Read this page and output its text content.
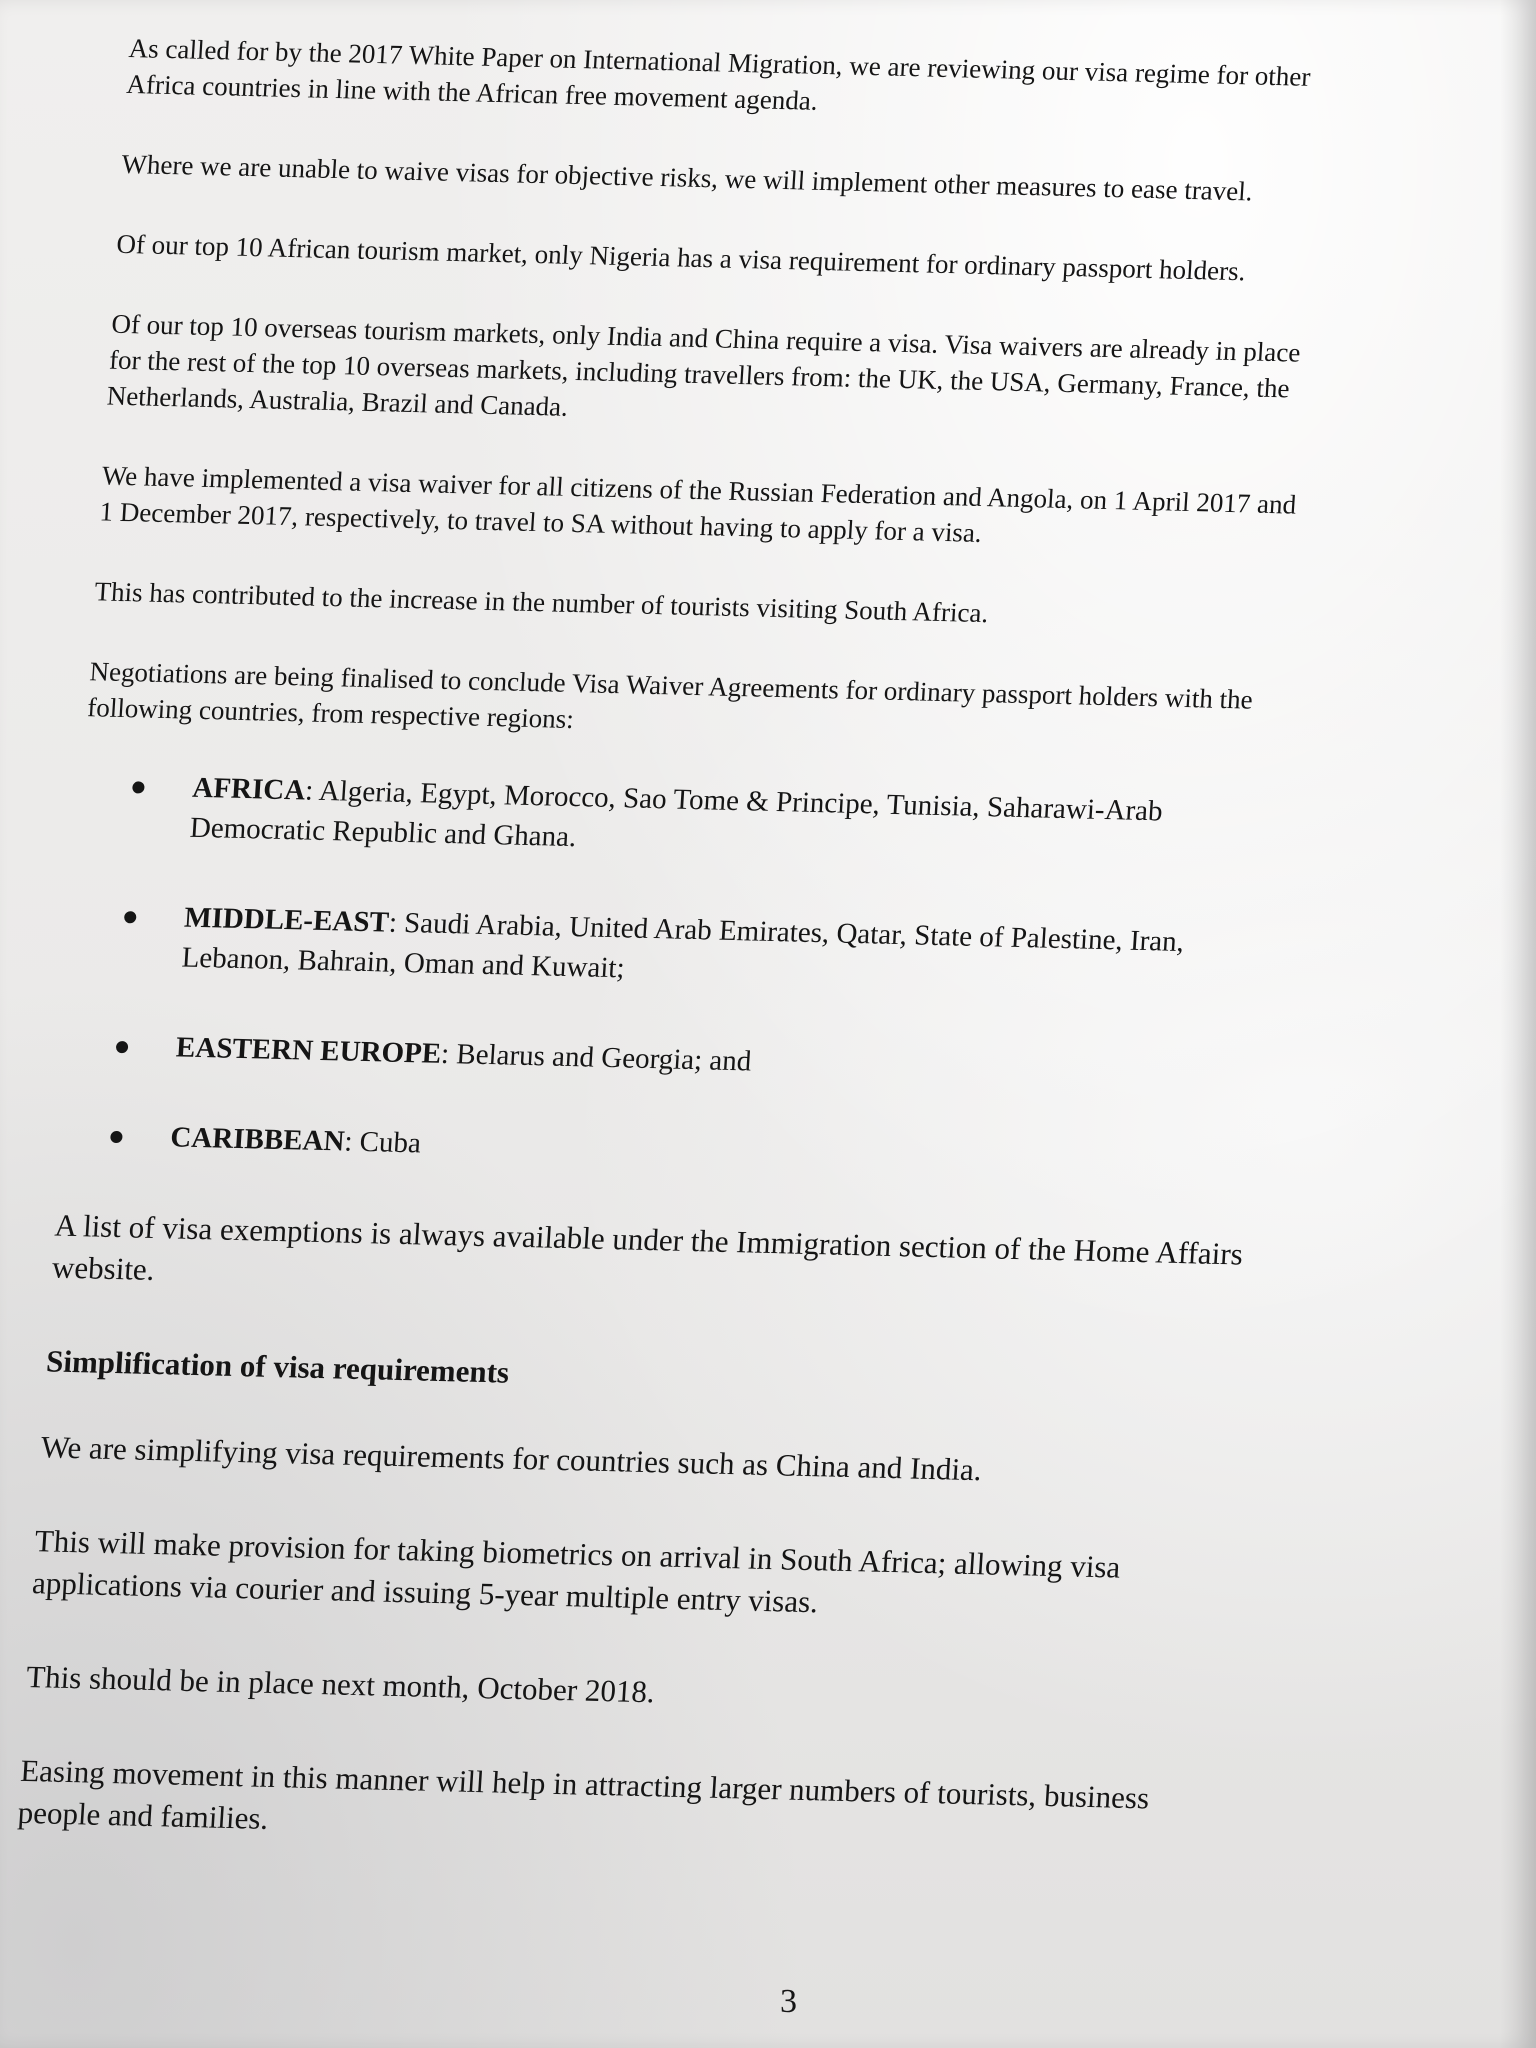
As called for by the 2017 White Paper on International Migration, we are reviewing our visa regime for other Africa countries in line with the African free movement agenda.

Where we are unable to waive visas for objective risks, we will implement other measures to ease travel.

Of our top 10 African tourism market, only Nigeria has a visa requirement for ordinary passport holders.

Of our top 10 overseas tourism markets, only India and China require a visa. Visa waivers are already in place for the rest of the top 10 overseas markets, including travellers from: the UK, the USA, Germany, France, the Netherlands, Australia, Brazil and Canada.

We have implemented a visa waiver for all citizens of the Russian Federation and Angola, on 1 April 2017 and 1 December 2017, respectively, to travel to SA without having to apply for a visa.

This has contributed to the increase in the number of tourists visiting South Africa.

Negotiations are being finalised to conclude Visa Waiver Agreements for ordinary passport holders with the following countries, from respective regions:

AFRICA: Algeria, Egypt, Morocco, Sao Tome & Principe, Tunisia, Saharawi-Arab Democratic Republic and Ghana.
MIDDLE-EAST: Saudi Arabia, United Arab Emirates, Qatar, State of Palestine, Iran, Lebanon, Bahrain, Oman and Kuwait;
EASTERN EUROPE: Belarus and Georgia; and
CARIBBEAN: Cuba

A list of visa exemptions is always available under the Immigration section of the Home Affairs website.

Simplification of visa requirements

We are simplifying visa requirements for countries such as China and India.

This will make provision for taking biometrics on arrival in South Africa; allowing visa applications via courier and issuing 5-year multiple entry visas.

This should be in place next month, October 2018.

Easing movement in this manner will help in attracting larger numbers of tourists, business people and families.

3
